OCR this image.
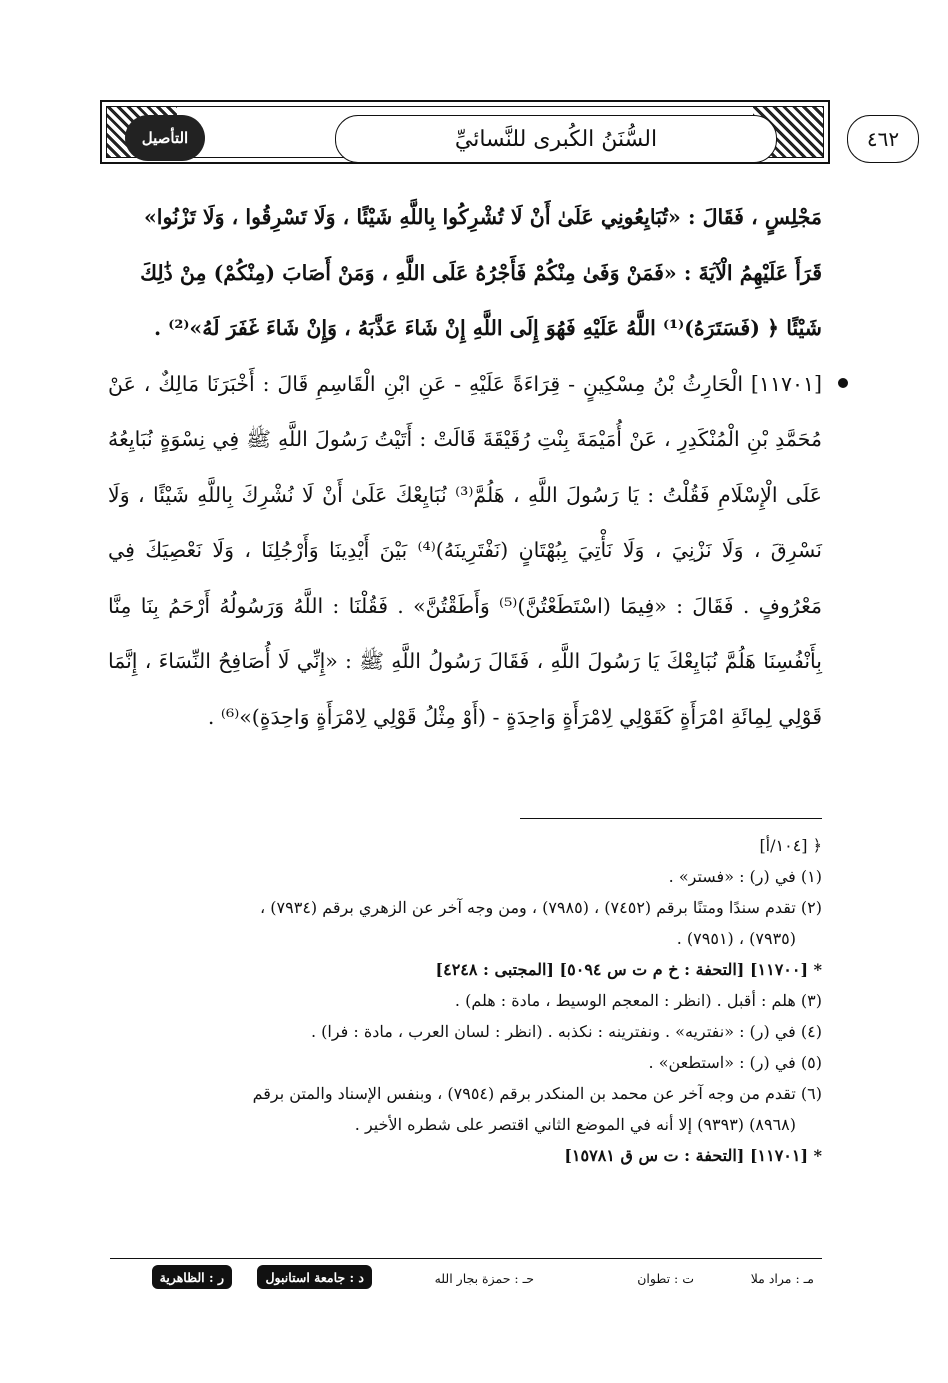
التأصيل	السُّنَنُ الكُبرى للنَّسائيِّ	٤٦٢

مَجْلِسٍ ، فَقَالَ : «تُبَايِعُونِي عَلَىٰ أَنْ لَا تُشْرِكُوا بِاللَّهِ شَيْئًا ، وَلَا تَسْرِقُوا ، وَلَا تَزْنُوا»

قَرَأَ عَلَيْهِمُ الْآيَةَ : «فَمَنْ وَفَىٰ مِنْكُمْ فَأَجْرُهُ عَلَى اللَّهِ ، وَمَنْ أَصَابَ (مِنْكُمْ) مِنْ ذَٰلِكَ

شَيْئًا ﴿ (فَسَتَرَهُ)⁽¹⁾ اللَّهُ عَلَيْهِ فَهُوَ إِلَى اللَّهِ إِنْ شَاءَ عَذَّبَهُ ، وَإِنْ شَاءَ غَفَرَ لَهُ»⁽²⁾ .

[١١٧٠١] الْحَارِثُ بْنُ مِسْكِينٍ - قِرَاءَةً عَلَيْهِ - عَنِ ابْنِ الْقَاسِمِ قَالَ : أَخْبَرَنَا مَالِكٌ ، عَنْ مُحَمَّدِ بْنِ الْمُنْكَدِرِ ، عَنْ أُمَيْمَةَ بِنْتِ رُقَيْقَةَ قَالَتْ : أَتَيْتُ رَسُولَ اللَّهِ ﷺ فِي نِسْوَةٍ نُبَايِعُهُ عَلَى الْإِسْلَامِ فَقُلْتُ : يَا رَسُولَ اللَّهِ ، هَلُمَّ⁽³⁾ نُبَايِعْكَ عَلَىٰ أَنْ لَا نُشْرِكَ بِاللَّهِ شَيْئًا ، وَلَا نَسْرِقَ ، وَلَا نَزْنِيَ ، وَلَا نَأْتِيَ بِبُهْتَانٍ (نَفْتَرِينَهُ)⁽⁴⁾ بَيْنَ أَيْدِينَا وَأَرْجُلِنَا ، وَلَا نَعْصِيَكَ فِي مَعْرُوفٍ . فَقَالَ : «فِيمَا (اسْتَطَعْتُنَّ)⁽⁵⁾ وَأَطَقْتُنَّ» . فَقُلْنَا : اللَّهُ وَرَسُولُهُ أَرْحَمُ بِنَا مِنَّا بِأَنْفُسِنَا هَلُمَّ نُبَايِعْكَ يَا رَسُولَ اللَّهِ ، فَقَالَ رَسُولُ اللَّهِ ﷺ : «إِنِّي لَا أُصَافِحُ النِّسَاءَ ، إِنَّمَا قَوْلِي لِمِائَةِ امْرَأَةٍ كَقَوْلِي لِامْرَأَةٍ وَاحِدَةٍ - (أَوْ مِثْلُ قَوْلِي لِامْرَأَةٍ وَاحِدَةٍ)»⁽⁶⁾ .

﴿ [١٠٤/أ]
(١) في (ر) : «فستر» .
(٢) تقدم سندًا ومتنًا برقم (٧٤٥٢) ، (٧٩٨٥) ، ومن وجه آخر عن الزهري برقم (٧٩٣٤) ،
(٧٩٣٥) ، (٧٩٥١) .
* [١١٧٠٠] [التحفة : خ م ت س ٥٠٩٤] [المجتبى : ٤٢٤٨]
(٣) هلم : أقبل . (انظر : المعجم الوسيط ، مادة : هلم) .
(٤) في (ر) : «نفتريه» . ونفترينه : نكذبه . (انظر : لسان العرب ، مادة : فرا) .
(٥) في (ر) : «استطعن» .
(٦) تقدم من وجه آخر عن محمد بن المنكدر برقم (٧٩٥٤) ، وبنفس الإسناد والمتن برقم
(٨٩٦٨) (٩٣٩٣) إلا أنه في الموضع الثاني اقتصر على شطره الأخير .
* [١١٧٠١] [التحفة : ت س ق ١٥٧٨١]
مـ : مراد ملا
ت : تطوان
حـ : حمزة بجار الله
د : جامعة استانبول
ر : الظاهرية
